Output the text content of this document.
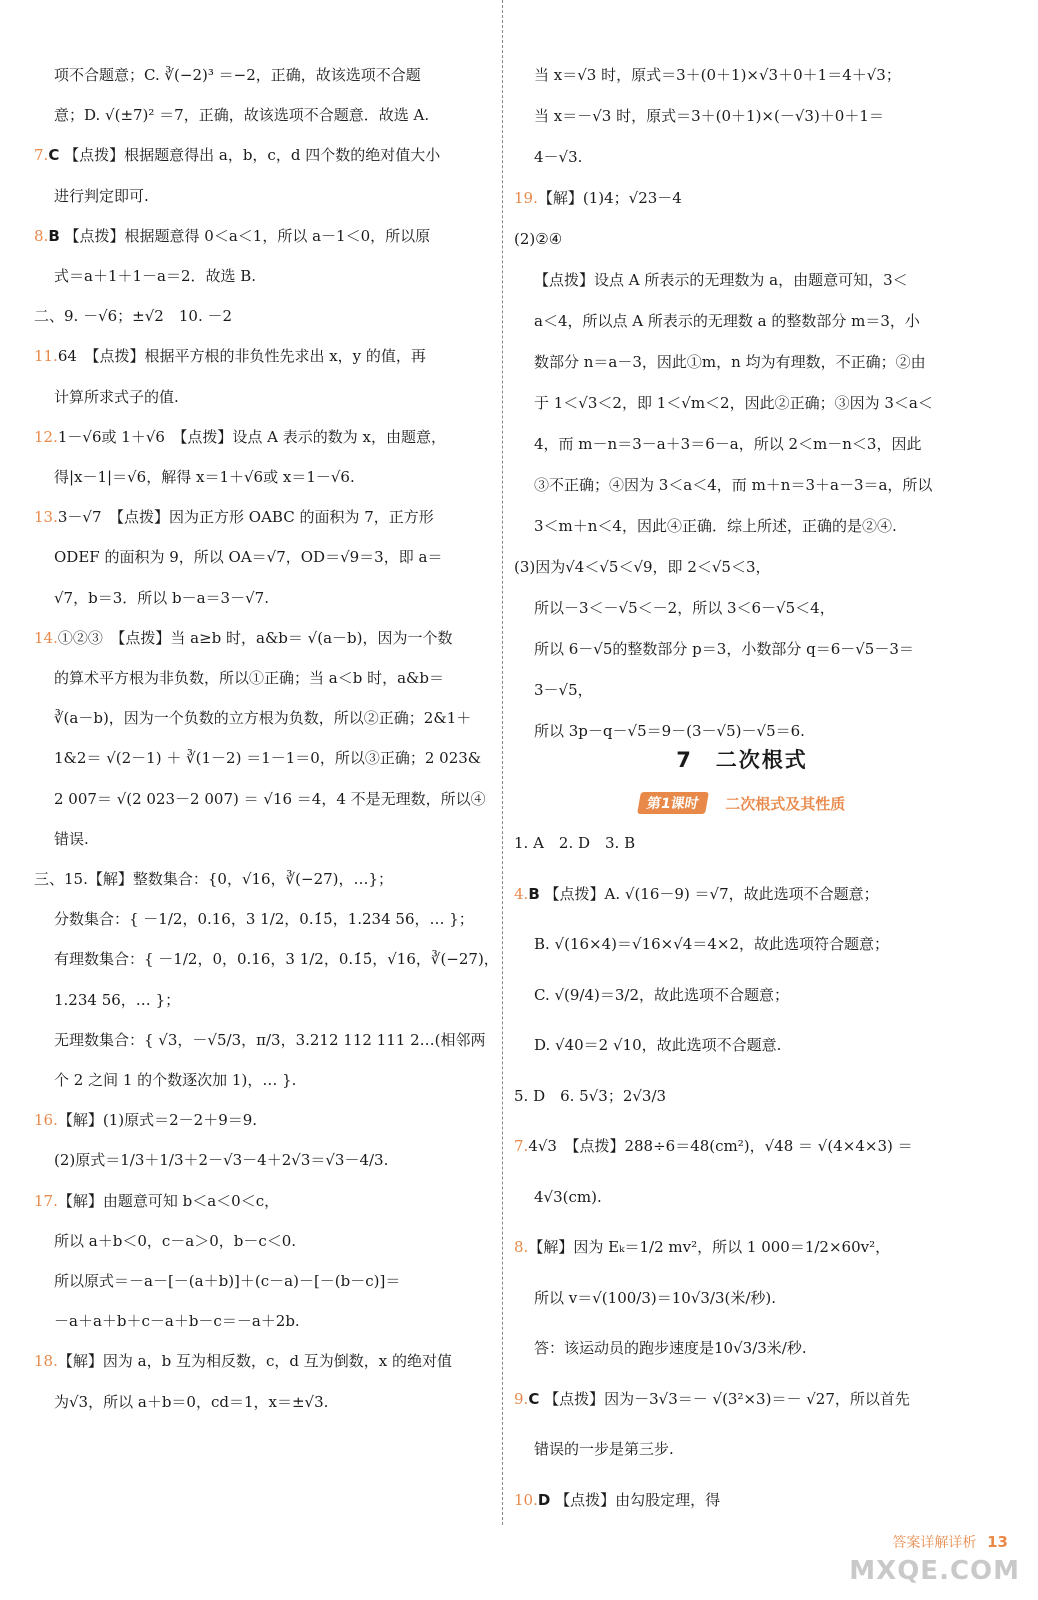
项不合题意；C. ∛(−2)³ ＝−2，正确，故该选项不合题
意；D. √(±7)² ＝7，正确，故该选项不合题意．故选 A.
7.C 【点拨】根据题意得出 a，b，c，d 四个数的绝对值大小
进行判定即可.
8.B 【点拨】根据题意得 0＜a＜1，所以 a－1＜0，所以原
式＝a＋1＋1－a＝2．故选 B.
二、9. －√6；±√2　10. －2
11.64　【点拨】根据平方根的非负性先求出 x，y 的值，再
计算所求式子的值.
12.1－√6或 1＋√6　【点拨】设点 A 表示的数为 x，由题意，
得|x－1|＝√6，解得 x＝1＋√6或 x＝1－√6.
13.3－√7　【点拨】因为正方形 OABC 的面积为 7，正方形
ODEF 的面积为 9，所以 OA＝√7，OD＝√9＝3，即 a＝
√7，b＝3．所以 b－a＝3－√7.
14.①②③　【点拨】当 a≥b 时，a&b＝ √(a－b)，因为一个数
的算术平方根为非负数，所以①正确；当 a＜b 时，a&b＝
∛(a－b)，因为一个负数的立方根为负数，所以②正确；2&1＋
1&2＝ √(2－1) ＋ ∛(1－2) ＝1－1＝0，所以③正确；2 023&
2 007＝ √(2 023－2 007) ＝ √16 ＝4，4 不是无理数，所以④
错误.
三、15.【解】整数集合：{0，√16，∛(−27)，…}；
分数集合：{ －1/2，0.16，3 1/2，0.1̇5̇，1.234 56，… }；
有理数集合：{ －1/2，0，0.16，3 1/2，0.1̇5̇，√16，∛(−27)，
1.234 56，… }；
无理数集合：{ √3，－√5/3，π/3，3.212 112 111 2…(相邻两
个 2 之间 1 的个数逐次加 1)，… }.
16.【解】(1)原式＝2－2＋9＝9.
(2)原式＝1/3＋1/3＋2－√3－4＋2√3＝√3－4/3.
17.【解】由题意可知 b＜a＜0＜c，
所以 a＋b＜0，c－a＞0，b－c＜0.
所以原式＝－a－[－(a＋b)]＋(c－a)－[－(b－c)]＝
－a＋a＋b＋c－a＋b－c＝－a＋2b.
18.【解】因为 a，b 互为相反数，c，d 互为倒数，x 的绝对值
为√3，所以 a＋b＝0，cd＝1，x＝±√3.
7　二次根式
第1课时 二次根式及其性质
当 x＝√3 时，原式＝3＋(0＋1)×√3＋0＋1＝4＋√3；
当 x＝－√3 时，原式＝3＋(0＋1)×(－√3)＋0＋1＝
4－√3.
19.【解】(1)4；√23－4
(2)②④
【点拨】设点 A 所表示的无理数为 a，由题意可知，3＜
a＜4，所以点 A 所表示的无理数 a 的整数部分 m＝3，小
数部分 n＝a－3，因此①m，n 均为有理数，不正确；②由
于 1＜√3＜2，即 1＜√m＜2，因此②正确；③因为 3＜a＜
4，而 m－n＝3－a＋3＝6－a，所以 2＜m－n＜3，因此
③不正确；④因为 3＜a＜4，而 m＋n＝3＋a－3＝a，所以
3＜m＋n＜4，因此④正确．综上所述，正确的是②④.
(3)因为√4＜√5＜√9，即 2＜√5＜3，
所以－3＜－√5＜－2，所以 3＜6－√5＜4，
所以 6－√5的整数部分 p＝3，小数部分 q＝6－√5－3＝
3－√5，
所以 3p－q－√5＝9－(3－√5)－√5＝6.
1. A　2. D　3. B
4.B 【点拨】A. √(16－9) ＝√7，故此选项不合题意；
B. √(16×4)＝√16×√4＝4×2，故此选项符合题意；
C. √(9/4)＝3/2，故此选项不合题意；
D. √40＝2 √10，故此选项不合题意.
5. D　6. 5√3；2√3/3
7.4√3　【点拨】288÷6＝48(cm²)，√48 ＝ √(4×4×3) ＝
4√3(cm).
8.【解】因为 Eₖ＝1/2 mv²，所以 1 000＝1/2×60v²，
所以 v＝√(100/3)＝10√3/3(米/秒).
答：该运动员的跑步速度是10√3/3米/秒.
9.C 【点拨】因为－3√3＝－ √(3²×3)＝－ √27，所以首先
错误的一步是第三步.
10.D 【点拨】由勾股定理，得
答案详解详析 13
MXQE.COM
